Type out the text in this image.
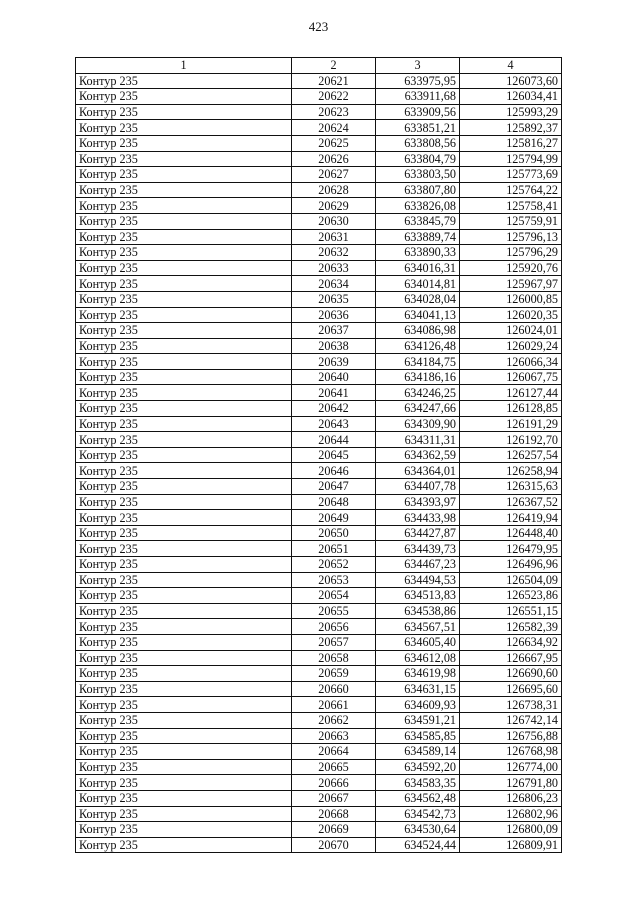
423
1	2	3	4
Контур 235	20621	633975,95	126073,60
Контур 235	20622	633911,68	126034,41
Контур 235	20623	633909,56	125993,29
Контур 235	20624	633851,21	125892,37
Контур 235	20625	633808,56	125816,27
Контур 235	20626	633804,79	125794,99
Контур 235	20627	633803,50	125773,69
Контур 235	20628	633807,80	125764,22
Контур 235	20629	633826,08	125758,41
Контур 235	20630	633845,79	125759,91
Контур 235	20631	633889,74	125796,13
Контур 235	20632	633890,33	125796,29
Контур 235	20633	634016,31	125920,76
Контур 235	20634	634014,81	125967,97
Контур 235	20635	634028,04	126000,85
Контур 235	20636	634041,13	126020,35
Контур 235	20637	634086,98	126024,01
Контур 235	20638	634126,48	126029,24
Контур 235	20639	634184,75	126066,34
Контур 235	20640	634186,16	126067,75
Контур 235	20641	634246,25	126127,44
Контур 235	20642	634247,66	126128,85
Контур 235	20643	634309,90	126191,29
Контур 235	20644	634311,31	126192,70
Контур 235	20645	634362,59	126257,54
Контур 235	20646	634364,01	126258,94
Контур 235	20647	634407,78	126315,63
Контур 235	20648	634393,97	126367,52
Контур 235	20649	634433,98	126419,94
Контур 235	20650	634427,87	126448,40
Контур 235	20651	634439,73	126479,95
Контур 235	20652	634467,23	126496,96
Контур 235	20653	634494,53	126504,09
Контур 235	20654	634513,83	126523,86
Контур 235	20655	634538,86	126551,15
Контур 235	20656	634567,51	126582,39
Контур 235	20657	634605,40	126634,92
Контур 235	20658	634612,08	126667,95
Контур 235	20659	634619,98	126690,60
Контур 235	20660	634631,15	126695,60
Контур 235	20661	634609,93	126738,31
Контур 235	20662	634591,21	126742,14
Контур 235	20663	634585,85	126756,88
Контур 235	20664	634589,14	126768,98
Контур 235	20665	634592,20	126774,00
Контур 235	20666	634583,35	126791,80
Контур 235	20667	634562,48	126806,23
Контур 235	20668	634542,73	126802,96
Контур 235	20669	634530,64	126800,09
Контур 235	20670	634524,44	126809,91
